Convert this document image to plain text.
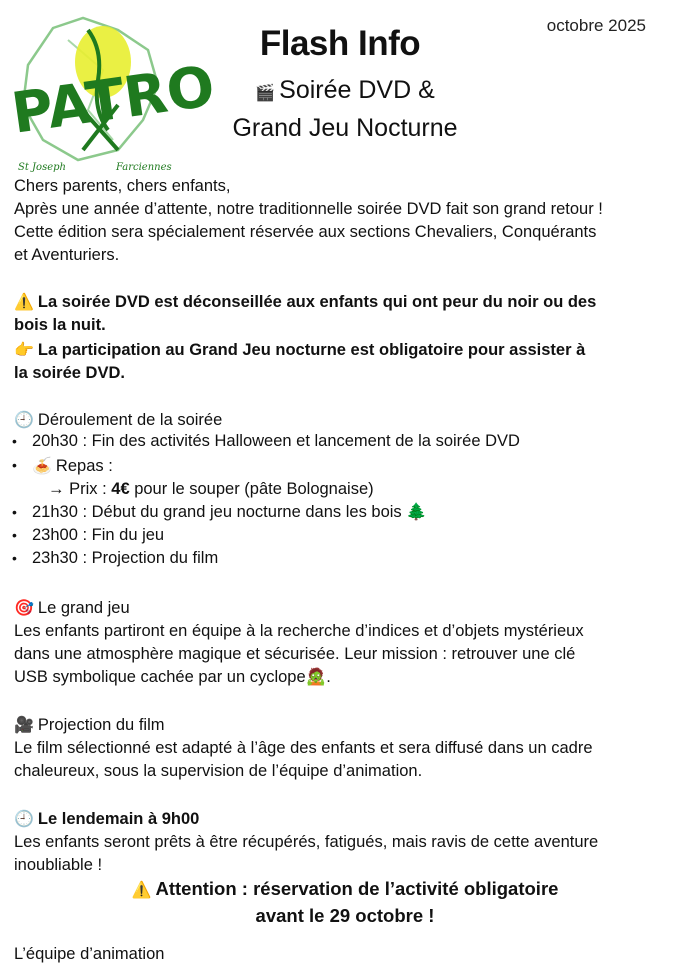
PATRO
St Joseph	Farciennes
octobre 2025
Flash Info
🎬 Soirée DVD &
Grand Jeu Nocturne
Chers parents, chers enfants,
Après une année d’attente, notre traditionnelle soirée DVD fait son grand retour !
Cette édition sera spécialement réservée aux sections Chevaliers, Conquérants
et Aventuriers.
⚠️ La soirée DVD est déconseillée aux enfants qui ont peur du noir ou des
bois la nuit.
👉 La participation au Grand Jeu nocturne est obligatoire pour assister à
la soirée DVD.
🕘 Déroulement de la soirée
• 20h30 : Fin des activités Halloween et lancement de la soirée DVD
• 🍝 Repas :
→ Prix : 4€ pour le souper (pâte Bolognaise)
• 21h30 : Début du grand jeu nocturne dans les bois 🌲
• 23h00 : Fin du jeu
• 23h30 : Projection du film
🎯 Le grand jeu
Les enfants partiront en équipe à la recherche d’indices et d’objets mystérieux
dans une atmosphère magique et sécurisée. Leur mission : retrouver une clé
USB symbolique cachée par un cyclope🧟.
🎥 Projection du film
Le film sélectionné est adapté à l’âge des enfants et sera diffusé dans un cadre
chaleureux, sous la supervision de l’équipe d’animation.
🕘 Le lendemain à 9h00
Les enfants seront prêts à être récupérés, fatigués, mais ravis de cette aventure
inoubliable !
⚠️ Attention : réservation de l’activité obligatoire
avant le 29 octobre !
L’équipe d’animation
